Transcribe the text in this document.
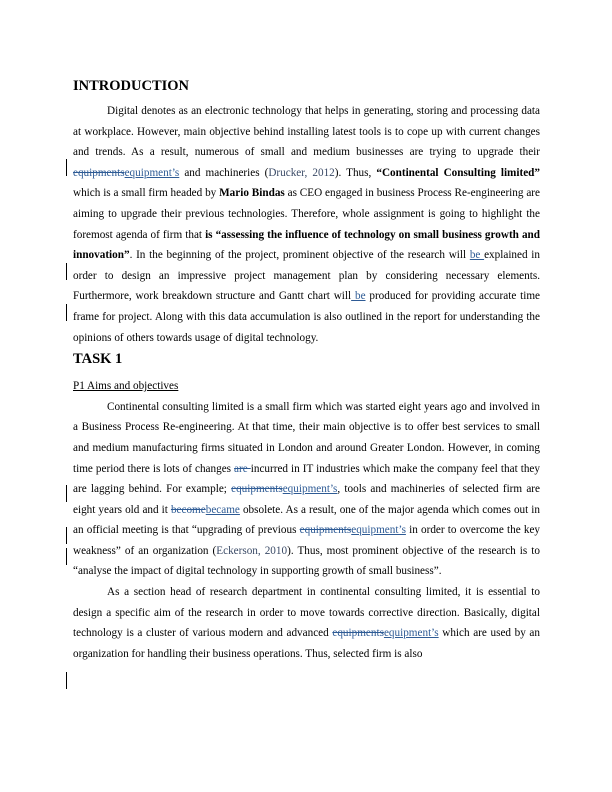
INTRODUCTION

Digital denotes as an electronic technology that helps in generating, storing and processing data at workplace. However, main objective behind installing latest tools is to cope up with current changes and trends. As a result, numerous of small and medium businesses are trying to upgrade their equipmentsequipment’s and machineries (Drucker, 2012). Thus, “Continental Consulting limited” which is a small firm headed by Mario Bindas as CEO engaged in business Process Re-engineering are aiming to upgrade their previous technologies. Therefore, whole assignment is going to highlight the foremost agenda of firm that is “assessing the influence of technology on small business growth and innovation”. In the beginning of the project, prominent objective of the research will be explained in order to design an impressive project management plan by considering necessary elements. Furthermore, work breakdown structure and Gantt chart will be produced for providing accurate time frame for project. Along with this data accumulation is also outlined in the report for understanding the opinions of others towards usage of digital technology.

TASK 1

P1 Aims and objectives

Continental consulting limited is a small firm which was started eight years ago and involved in a Business Process Re-engineering. At that time, their main objective is to offer best services to small and medium manufacturing firms situated in London and around Greater London. However, in coming time period there is lots of changes are incurred in IT industries which make the company feel that they are lagging behind. For example; equipmentsequipment’s, tools and machineries of selected firm are eight years old and it becomebecame obsolete. As a result, one of the major agenda which comes out in an official meeting is that “upgrading of previous equipmentsequipment’s in order to overcome the key weakness” of an organization (Eckerson, 2010). Thus, most prominent objective of the research is to “analyse the impact of digital technology in supporting growth of small business”.

As a section head of research department in continental consulting limited, it is essential to design a specific aim of the research in order to move towards corrective direction. Basically, digital technology is a cluster of various modern and advanced equipmentsequipment’s which are used by an organization for handling their business operations. Thus, selected firm is also
